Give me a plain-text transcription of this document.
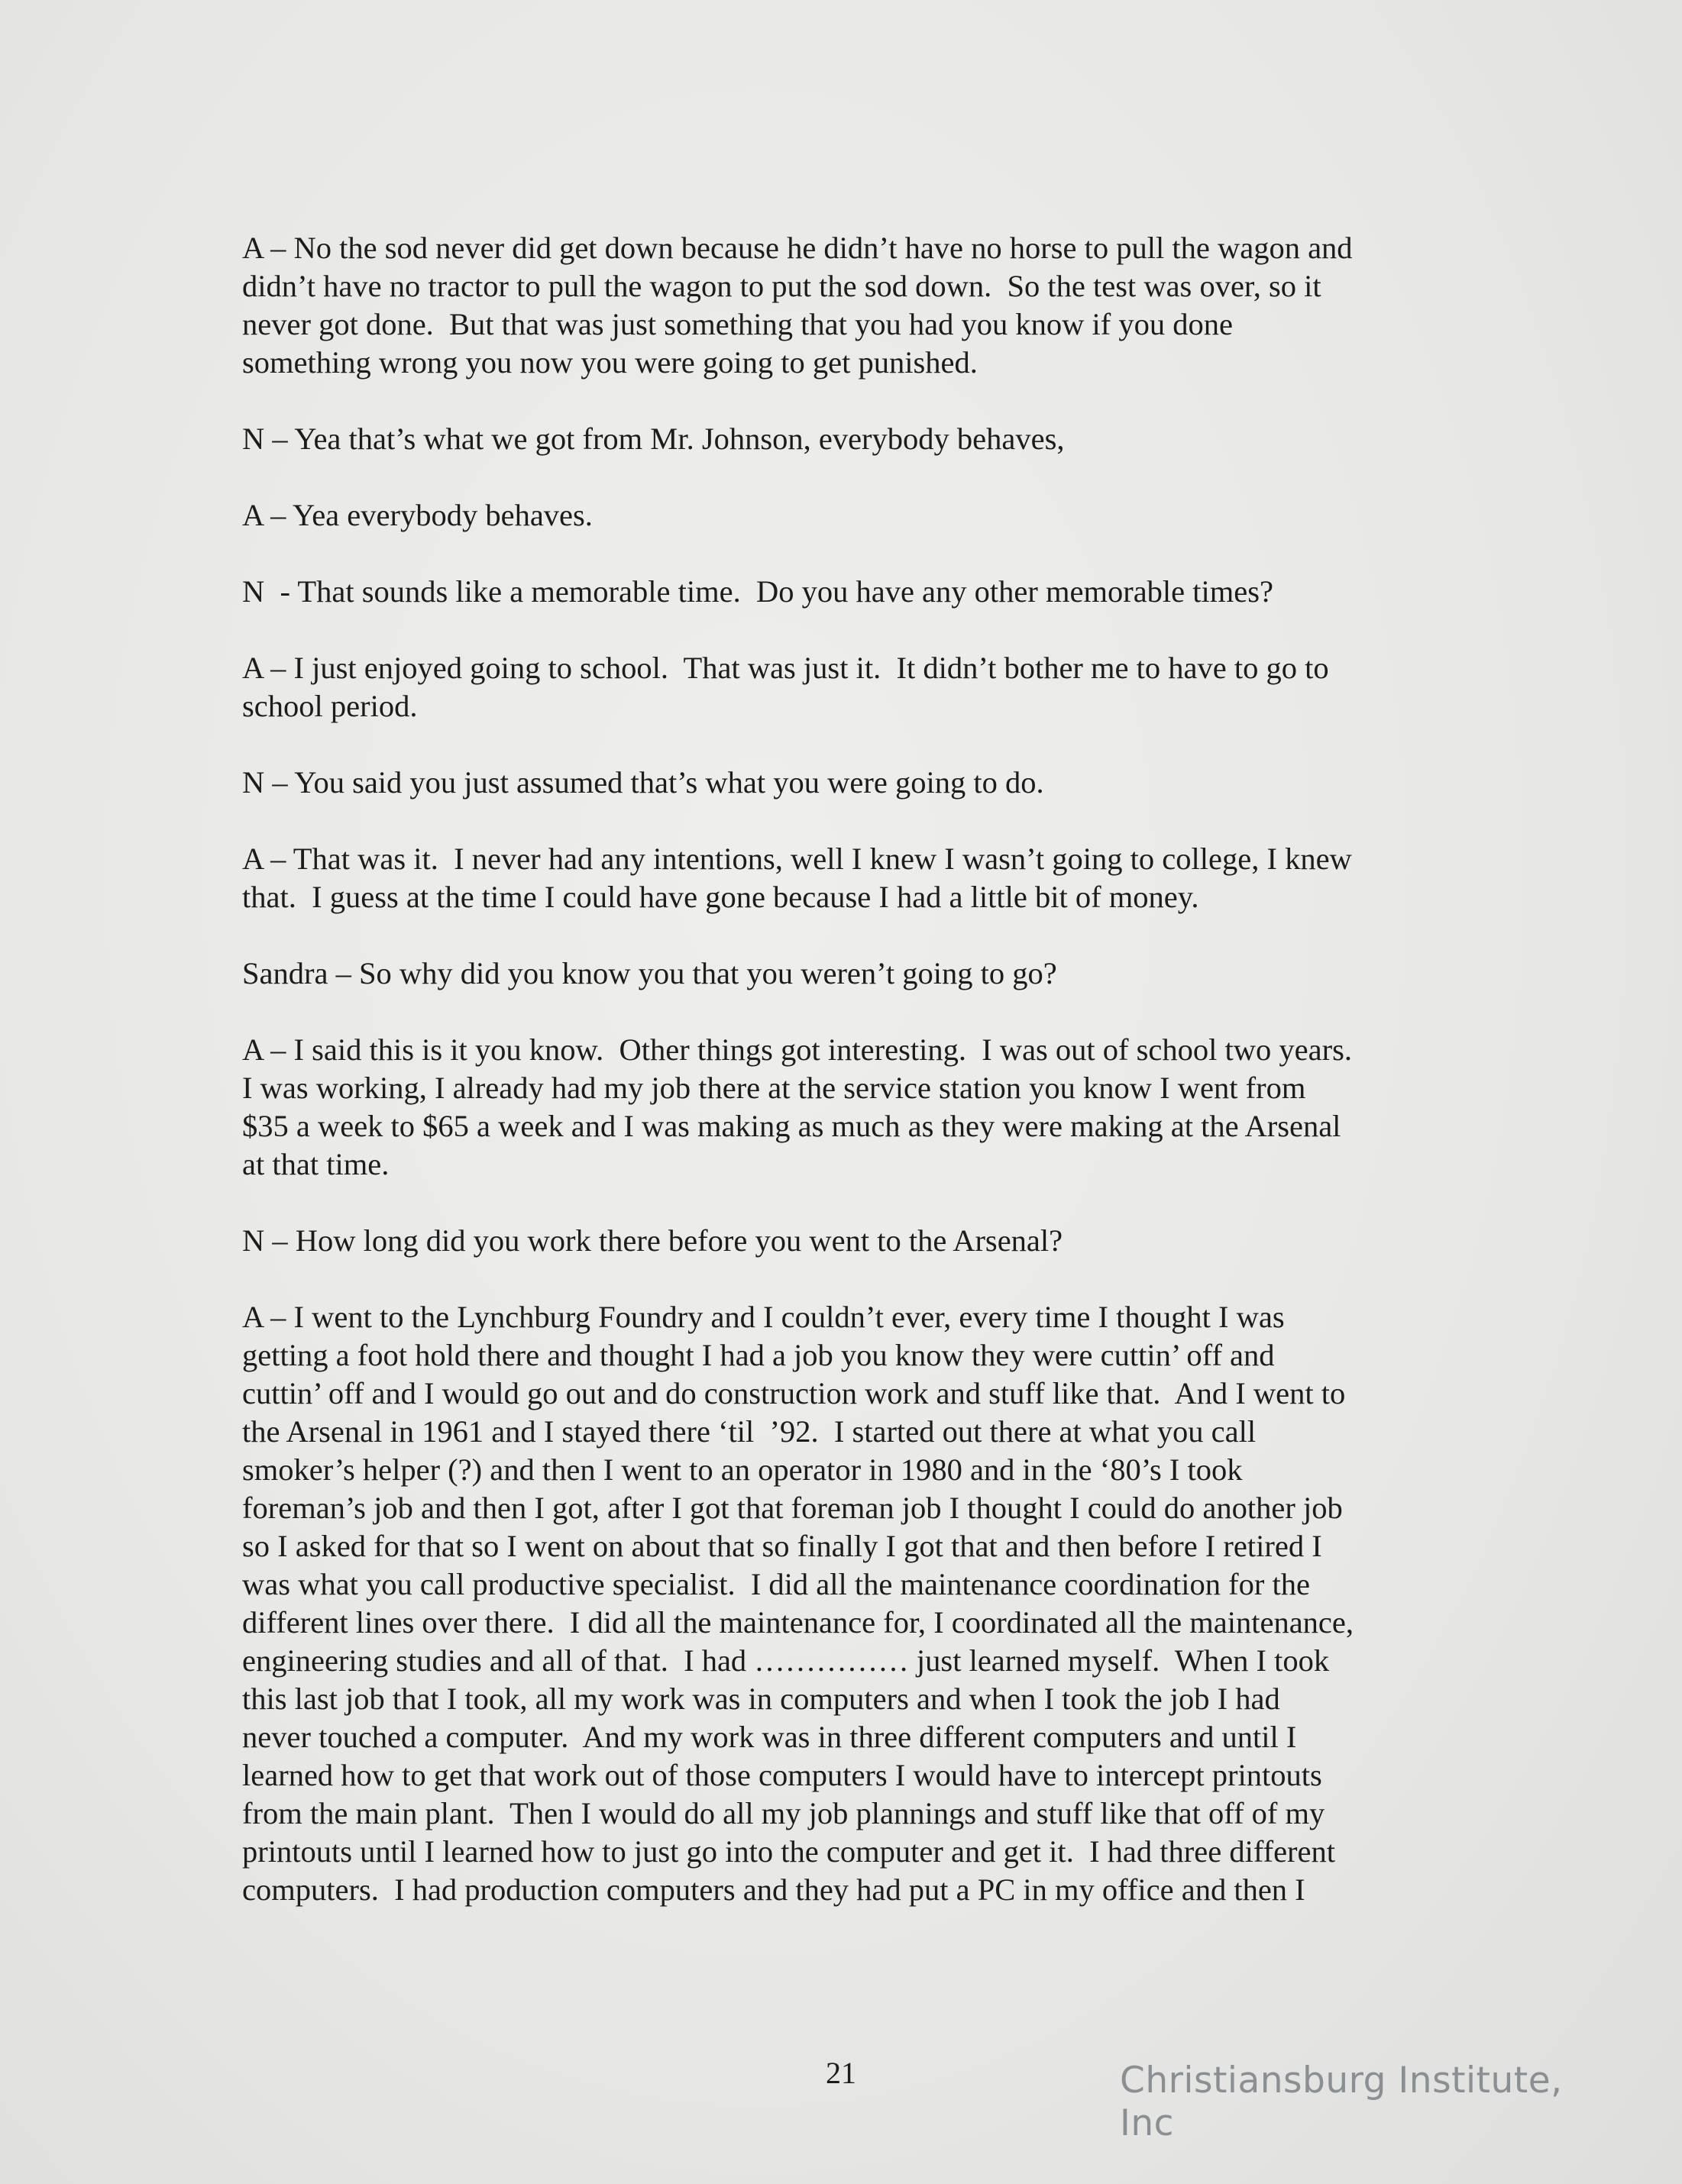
A – No the sod never did get down because he didn’t have no horse to pull the wagon and
didn’t have no tractor to pull the wagon to put the sod down.  So the test was over, so it
never got done.  But that was just something that you had you know if you done
something wrong you now you were going to get punished.

N – Yea that’s what we got from Mr. Johnson, everybody behaves,

A – Yea everybody behaves.

N  - That sounds like a memorable time.  Do you have any other memorable times?

A – I just enjoyed going to school.  That was just it.  It didn’t bother me to have to go to
school period.

N – You said you just assumed that’s what you were going to do.

A – That was it.  I never had any intentions, well I knew I wasn’t going to college, I knew
that.  I guess at the time I could have gone because I had a little bit of money.

Sandra – So why did you know you that you weren’t going to go?

A – I said this is it you know.  Other things got interesting.  I was out of school two years.
I was working, I already had my job there at the service station you know I went from
$35 a week to $65 a week and I was making as much as they were making at the Arsenal
at that time.

N – How long did you work there before you went to the Arsenal?

A – I went to the Lynchburg Foundry and I couldn’t ever, every time I thought I was
getting a foot hold there and thought I had a job you know they were cuttin’ off and
cuttin’ off and I would go out and do construction work and stuff like that.  And I went to
the Arsenal in 1961 and I stayed there ‘til  ’92.  I started out there at what you call
smoker’s helper (?) and then I went to an operator in 1980 and in the ‘80’s I took
foreman’s job and then I got, after I got that foreman job I thought I could do another job
so I asked for that so I went on about that so finally I got that and then before I retired I
was what you call productive specialist.  I did all the maintenance coordination for the
different lines over there.  I did all the maintenance for, I coordinated all the maintenance,
engineering studies and all of that.  I had …………… just learned myself.  When I took
this last job that I took, all my work was in computers and when I took the job I had
never touched a computer.  And my work was in three different computers and until I
learned how to get that work out of those computers I would have to intercept printouts
from the main plant.  Then I would do all my job plannings and stuff like that off of my
printouts until I learned how to just go into the computer and get it.  I had three different
computers.  I had production computers and they had put a PC in my office and then I

21	Christiansburg Institute, Inc
